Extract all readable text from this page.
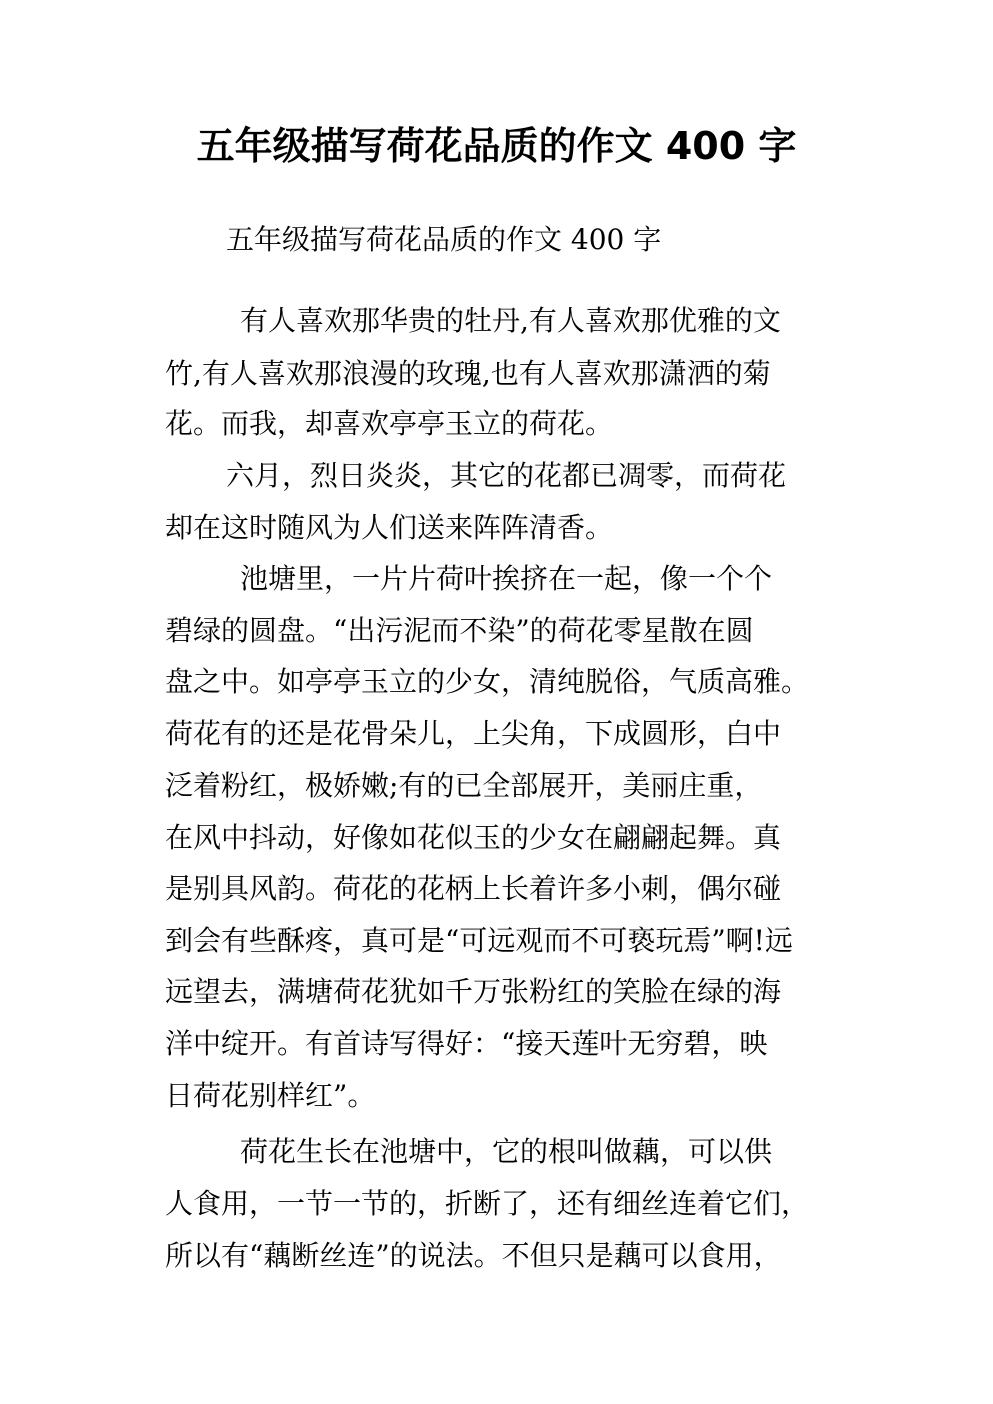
五年级描写荷花品质的作文 400 字

五年级描写荷花品质的作文 400 字

有人喜欢那华贵的牡丹,有人喜欢那优雅的文

竹,有人喜欢那浪漫的玫瑰,也有人喜欢那潇洒的菊

花。而我，却喜欢亭亭玉立的荷花。

六月，烈日炎炎，其它的花都已凋零，而荷花

却在这时随风为人们送来阵阵清香。

池塘里，一片片荷叶挨挤在一起，像一个个

碧绿的圆盘。“出污泥而不染”的荷花零星散在圆

盘之中。如亭亭玉立的少女，清纯脱俗，气质高雅。

荷花有的还是花骨朵儿，上尖角，下成圆形，白中

泛着粉红，极娇嫩;有的已全部展开，美丽庄重，

在风中抖动，好像如花似玉的少女在翩翩起舞。真

是别具风韵。荷花的花柄上长着许多小刺，偶尔碰

到会有些酥疼，真可是“可远观而不可亵玩焉”啊!远

远望去，满塘荷花犹如千万张粉红的笑脸在绿的海

洋中绽开。有首诗写得好：“接天莲叶无穷碧，映

日荷花别样红”。

荷花生长在池塘中，它的根叫做藕，可以供

人食用，一节一节的，折断了，还有细丝连着它们，

所以有“藕断丝连”的说法。不但只是藕可以食用，
